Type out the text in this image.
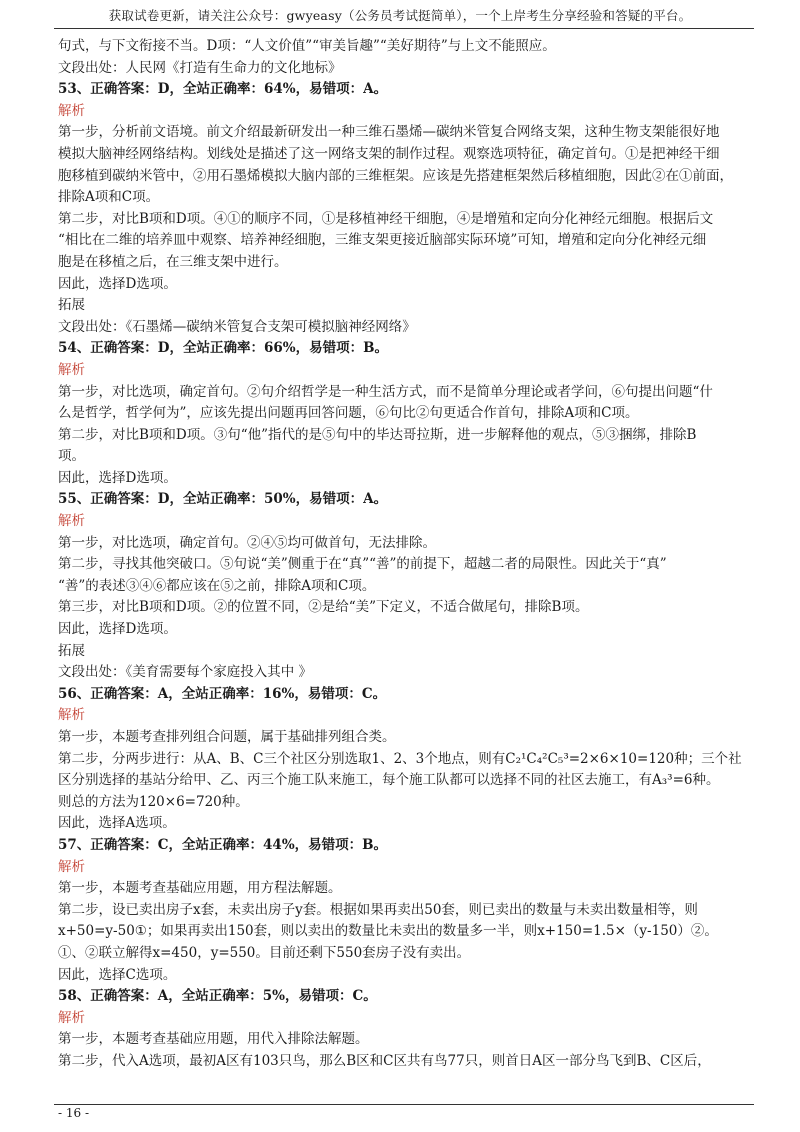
获取试卷更新，请关注公众号：gwyeasy（公务员考试挺简单），一个上岸考生分享经验和答疑的平台。
句式，与下文衔接不当。D项：“人文价值”“审美旨趣”“美好期待”与上文不能照应。
文段出处：人民网《打造有生命力的文化地标》
53、正确答案：D，全站正确率：64%，易错项：A。
解析
第一步，分析前文语境。前文介绍最新研发出一种三维石墨烯—碳纳米管复合网络支架，这种生物支架能很好地
模拟大脑神经网络结构。划线处是描述了这一网络支架的制作过程。观察选项特征，确定首句。①是把神经干细
胞移植到碳纳米管中，②用石墨烯模拟大脑内部的三维框架。应该是先搭建框架然后移植细胞，因此②在①前面，
排除A项和C项。
第二步，对比B项和D项。④①的顺序不同，①是移植神经干细胞，④是增殖和定向分化神经元细胞。根据后文
“相比在二维的培养皿中观察、培养神经细胞，三维支架更接近脑部实际环境”可知，增殖和定向分化神经元细
胞是在移植之后，在三维支架中进行。
因此，选择D选项。
拓展
文段出处：《石墨烯—碳纳米管复合支架可模拟脑神经网络》
54、正确答案：D，全站正确率：66%，易错项：B。
解析
第一步，对比选项，确定首句。②句介绍哲学是一种生活方式，而不是简单分理论或者学问，⑥句提出问题“什
么是哲学，哲学何为”，应该先提出问题再回答问题，⑥句比②句更适合作首句，排除A项和C项。
第二步，对比B项和D项。③句“他”指代的是⑤句中的毕达哥拉斯，进一步解释他的观点，⑤③捆绑，排除B
项。
因此，选择D选项。
55、正确答案：D，全站正确率：50%，易错项：A。
解析
第一步，对比选项，确定首句。②④⑤均可做首句，无法排除。
第二步，寻找其他突破口。⑤句说“美”侧重于在“真”“善”的前提下，超越二者的局限性。因此关于“真”
“善”的表述③④⑥都应该在⑤之前，排除A项和C项。
第三步，对比B项和D项。②的位置不同，②是给“美”下定义，不适合做尾句，排除B项。
因此，选择D选项。
拓展
文段出处：《美育需要每个家庭投入其中 》
56、正确答案：A，全站正确率：16%，易错项：C。
解析
第一步，本题考查排列组合问题，属于基础排列组合类。
第二步，分两步进行：从A、B、C三个社区分别选取1、2、3个地点，则有C₂¹C₄²C₅³=2×6×10=120种；三个社
区分别选择的基站分给甲、乙、丙三个施工队来施工，每个施工队都可以选择不同的社区去施工，有A₃³=6种。
则总的方法为120×6=720种。
因此，选择A选项。
57、正确答案：C，全站正确率：44%，易错项：B。
解析
第一步，本题考查基础应用题，用方程法解题。
第二步，设已卖出房子x套，未卖出房子y套。根据如果再卖出50套，则已卖出的数量与未卖出数量相等，则
x+50=y-50①；如果再卖出150套，则以卖出的数量比未卖出的数量多一半，则x+150=1.5×（y-150）②。
①、②联立解得x=450，y=550。目前还剩下550套房子没有卖出。
因此，选择C选项。
58、正确答案：A，全站正确率：5%，易错项：C。
解析
第一步，本题考查基础应用题，用代入排除法解题。
第二步，代入A选项，最初A区有103只鸟，那么B区和C区共有鸟77只，则首日A区一部分鸟飞到B、C区后，
- 16 -
